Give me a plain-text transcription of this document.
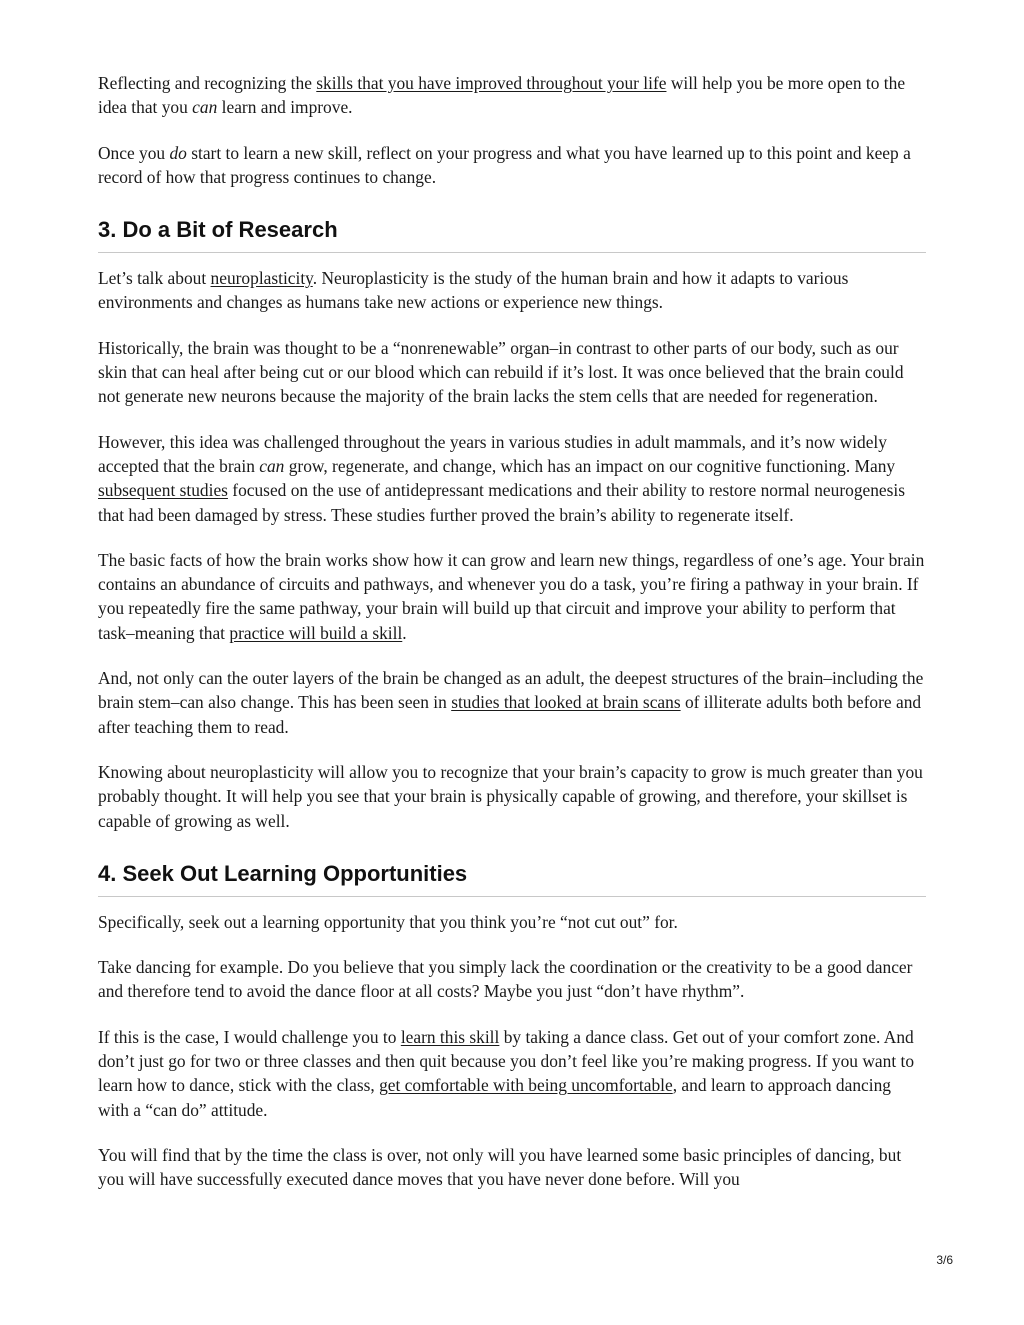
Reflecting and recognizing the skills that you have improved throughout your life will help you be more open to the idea that you can learn and improve.

Once you do start to learn a new skill, reflect on your progress and what you have learned up to this point and keep a record of how that progress continues to change.

3. Do a Bit of Research

Let’s talk about neuroplasticity. Neuroplasticity is the study of the human brain and how it adapts to various environments and changes as humans take new actions or experience new things.

Historically, the brain was thought to be a “nonrenewable” organ–in contrast to other parts of our body, such as our skin that can heal after being cut or our blood which can rebuild if it’s lost. It was once believed that the brain could not generate new neurons because the majority of the brain lacks the stem cells that are needed for regeneration.

However, this idea was challenged throughout the years in various studies in adult mammals, and it’s now widely accepted that the brain can grow, regenerate, and change, which has an impact on our cognitive functioning. Many subsequent studies focused on the use of antidepressant medications and their ability to restore normal neurogenesis that had been damaged by stress. These studies further proved the brain’s ability to regenerate itself.

The basic facts of how the brain works show how it can grow and learn new things, regardless of one’s age. Your brain contains an abundance of circuits and pathways, and whenever you do a task, you’re firing a pathway in your brain. If you repeatedly fire the same pathway, your brain will build up that circuit and improve your ability to perform that task–meaning that practice will build a skill.

And, not only can the outer layers of the brain be changed as an adult, the deepest structures of the brain–including the brain stem–can also change. This has been seen in studies that looked at brain scans of illiterate adults both before and after teaching them to read.

Knowing about neuroplasticity will allow you to recognize that your brain’s capacity to grow is much greater than you probably thought. It will help you see that your brain is physically capable of growing, and therefore, your skillset is capable of growing as well.

4. Seek Out Learning Opportunities

Specifically, seek out a learning opportunity that you think you’re “not cut out” for.

Take dancing for example. Do you believe that you simply lack the coordination or the creativity to be a good dancer and therefore tend to avoid the dance floor at all costs? Maybe you just “don’t have rhythm”.

If this is the case, I would challenge you to learn this skill by taking a dance class. Get out of your comfort zone. And don’t just go for two or three classes and then quit because you don’t feel like you’re making progress. If you want to learn how to dance, stick with the class, get comfortable with being uncomfortable, and learn to approach dancing with a “can do” attitude.

You will find that by the time the class is over, not only will you have learned some basic principles of dancing, but you will have successfully executed dance moves that you have never done before. Will you

3/6
